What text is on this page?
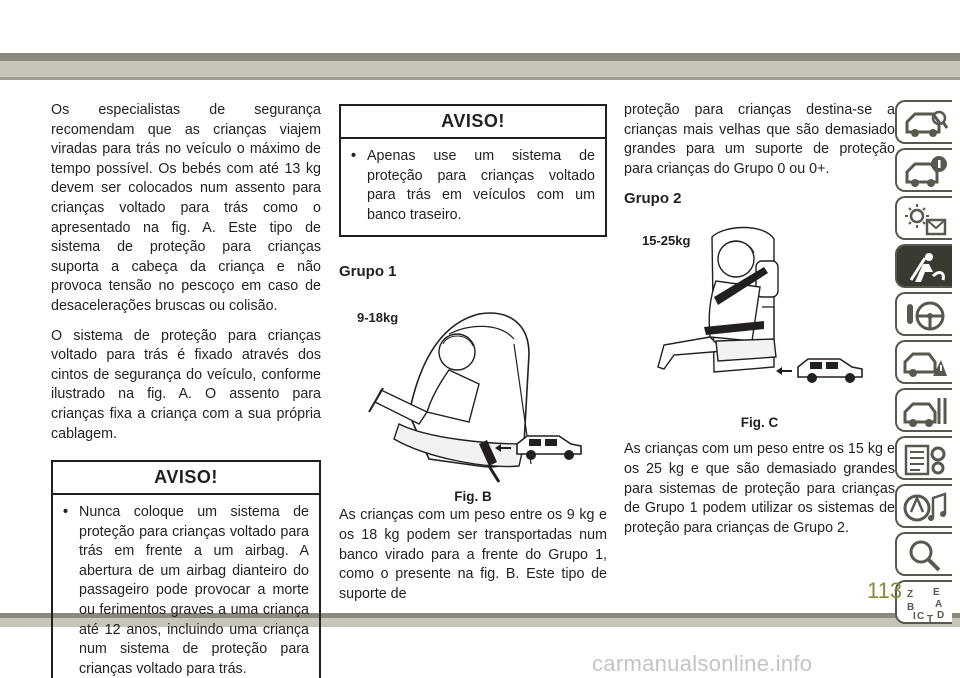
Os especialistas de segurança recomendam que as crianças viajem viradas para trás no veículo o máximo de tempo possível. Os bebés com até 13 kg devem ser colocados num assento para crianças voltado para trás como o apresentado na fig. A. Este tipo de sistema de proteção para crianças suporta a cabeça da criança e não provoca tensão no pescoço em caso de desacelerações bruscas ou colisão.

O sistema de proteção para crianças voltado para trás é fixado através dos cintos de segurança do veículo, conforme ilustrado na fig. A. O assento para crianças fixa a criança com a sua própria cablagem.

AVISO!
• Nunca coloque um sistema de proteção para crianças voltado para trás em frente a um airbag. A abertura de um airbag dianteiro do passageiro pode provocar a morte ou ferimentos graves a uma criança até 12 anos, incluindo uma criança num sistema de proteção para crianças voltado para trás.
AVISO!
• Apenas use um sistema de proteção para crianças voltado para trás em veículos com um banco traseiro.
Grupo 1
9-18kg
Fig. B

As crianças com um peso entre os 9 kg e os 18 kg podem ser transportadas num banco virado para a frente do Grupo 1, como o presente na fig. B. Este tipo de suporte de

proteção para crianças destina-se a crianças mais velhas que são demasiado grandes para um suporte de proteção para crianças do Grupo 0 ou 0+.

Grupo 2
15-25kg
Fig. C

As crianças com um peso entre os 15 kg e os 25 kg e que são demasiado grandes para sistemas de proteção para crianças de Grupo 1 podem utilizar os sistemas de proteção para crianças de Grupo 2.

Z E
B A
C D
I T
113
carmanualsonline.info
